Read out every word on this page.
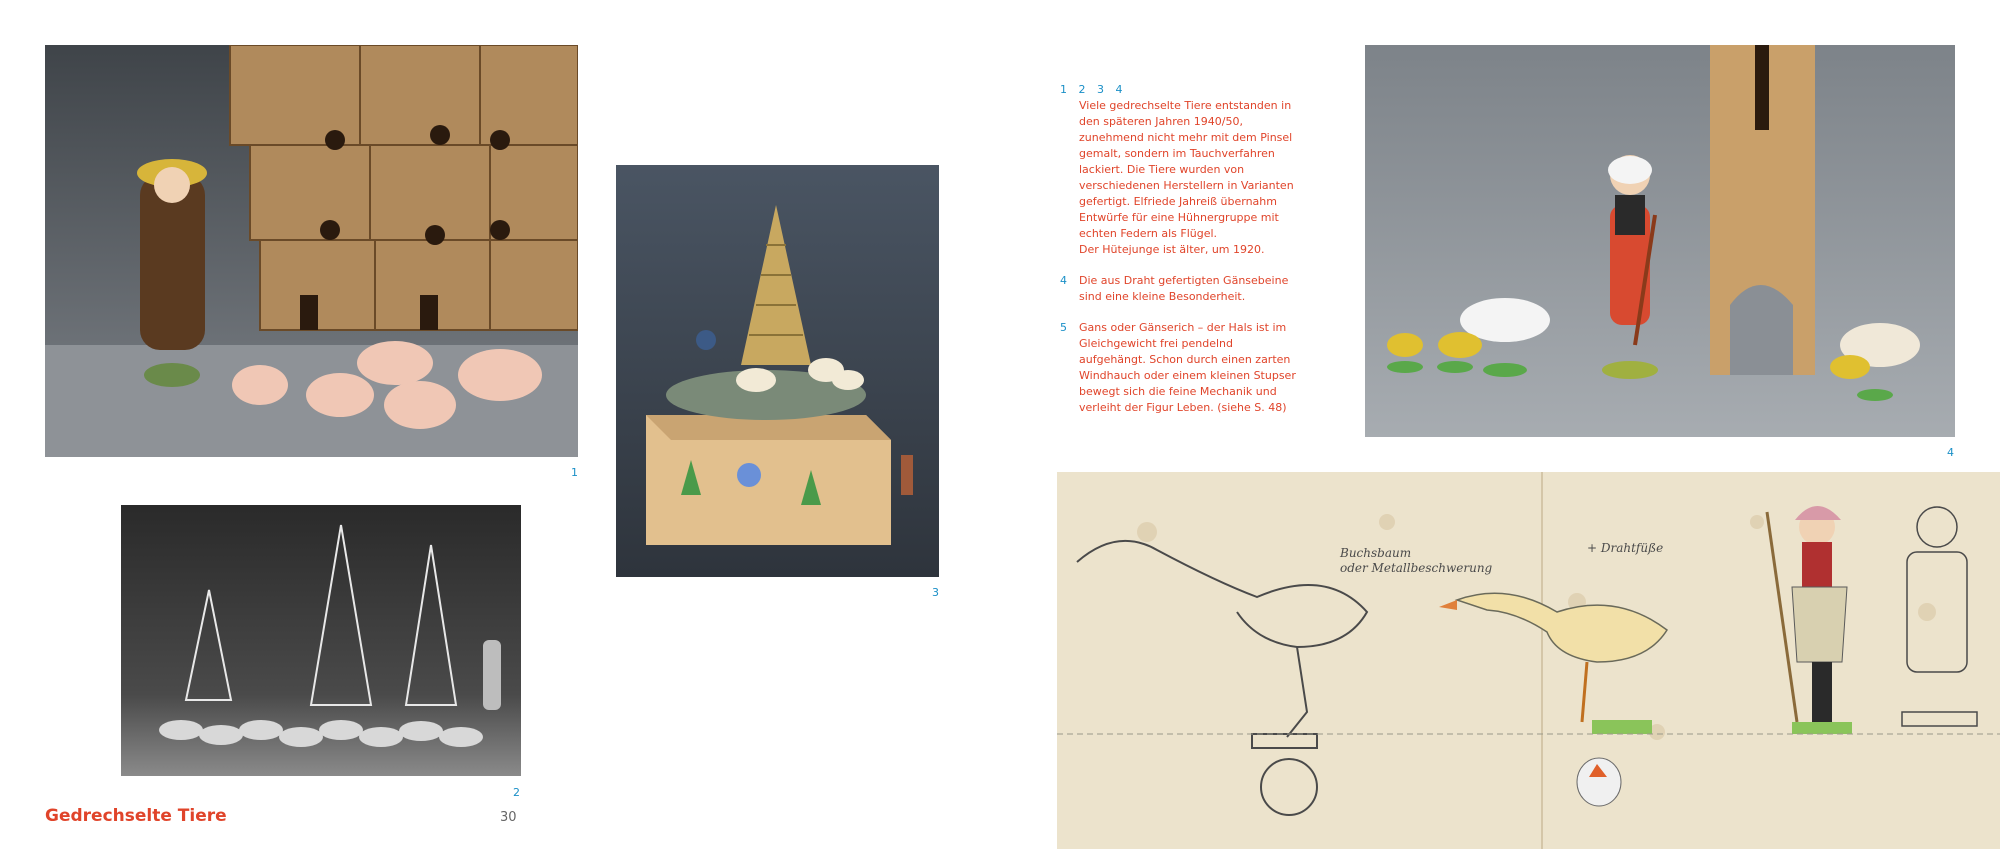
1
3
2
Gedrechselte Tiere	30
1 2 3 4
Viele gedrechselte Tiere entstanden in den späteren Jahren 1940/50, zunehmend nicht mehr mit dem Pinsel gemalt, sondern im Tauchverfahren lackiert. Die Tiere wurden von verschiedenen Herstellern in Varianten gefertigt. Elfriede Jahreiß übernahm Entwürfe für eine Hühnergruppe mit echten Federn als Flügel.
Der Hütejunge ist älter, um 1920.
4 Die aus Draht gefertigten Gänsebeine sind eine kleine Besonderheit.
5 Gans oder Gänserich – der Hals ist im Gleichgewicht frei pendelnd aufgehängt. Schon durch einen zarten Windhauch oder einem kleinen Stupser bewegt sich die feine Mechanik und verleiht der Figur Leben. (siehe S. 48)
4
Buchsbaum
oder Metallbeschwerung
+ Drahtfüße
